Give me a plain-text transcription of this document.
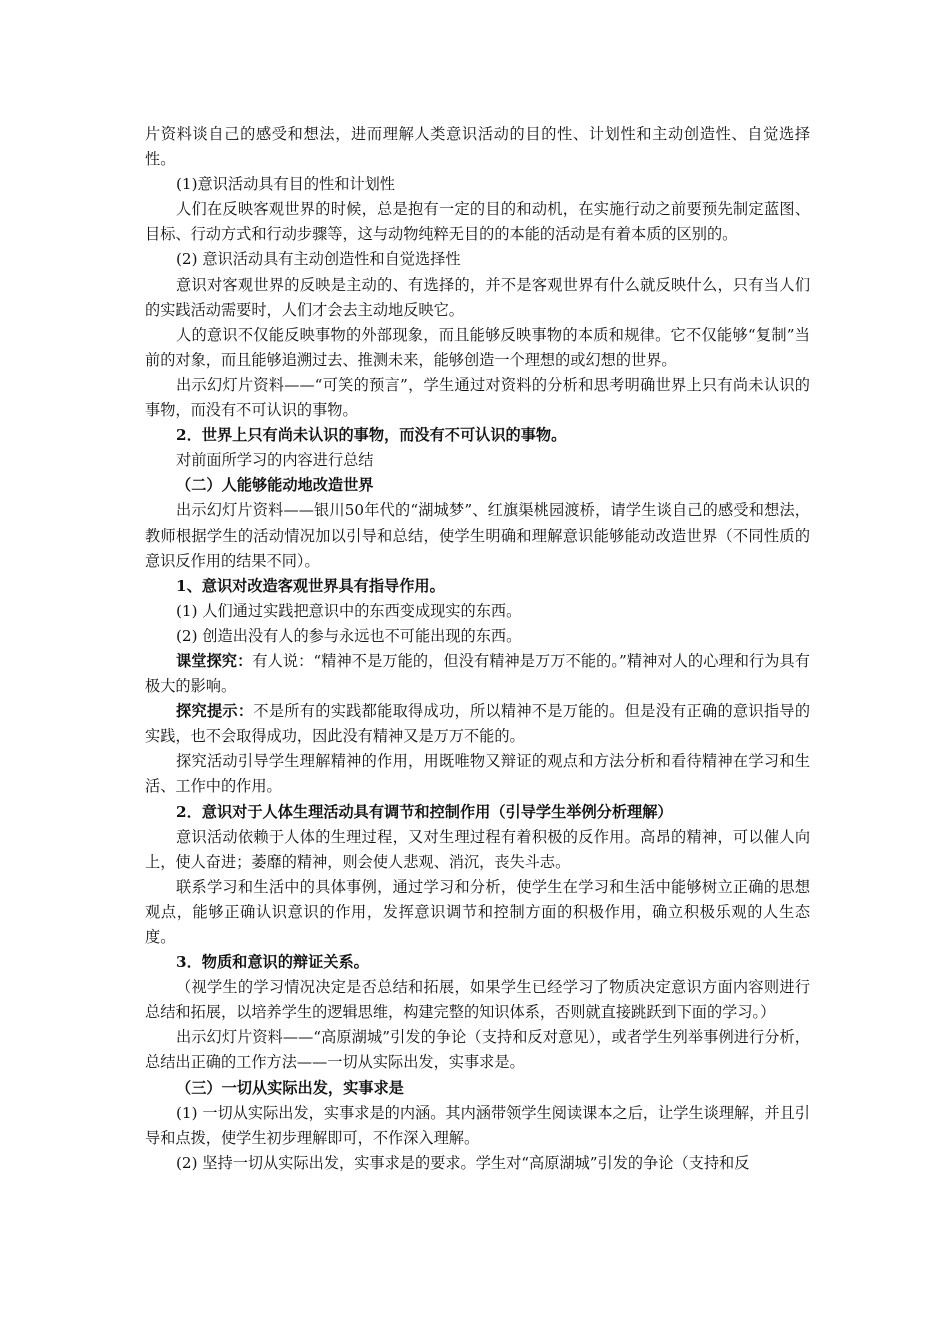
片资料谈自己的感受和想法，进而理解人类意识活动的目的性、计划性和主动创造性、自觉选择性。

(1)意识活动具有目的性和计划性

人们在反映客观世界的时候，总是抱有一定的目的和动机，在实施行动之前要预先制定蓝图、目标、行动方式和行动步骤等，这与动物纯粹无目的的本能的活动是有着本质的区别的。

(2) 意识活动具有主动创造性和自觉选择性

意识对客观世界的反映是主动的、有选择的，并不是客观世界有什么就反映什么，只有当人们的实践活动需要时，人们才会去主动地反映它。

人的意识不仅能反映事物的外部现象，而且能够反映事物的本质和规律。它不仅能够“复制”当前的对象，而且能够追溯过去、推测未来，能够创造一个理想的或幻想的世界。

出示幻灯片资料——“可笑的预言”，学生通过对资料的分析和思考明确世界上只有尚未认识的事物，而没有不可认识的事物。

2．世界上只有尚未认识的事物，而没有不可认识的事物。

对前面所学习的内容进行总结

（二）人能够能动地改造世界

出示幻灯片资料——银川50年代的“湖城梦”、红旗渠桃园渡桥，请学生谈自己的感受和想法，教师根据学生的活动情况加以引导和总结，使学生明确和理解意识能够能动改造世界（不同性质的意识反作用的结果不同）。

1、意识对改造客观世界具有指导作用。

(1) 人们通过实践把意识中的东西变成现实的东西。

(2) 创造出没有人的参与永远也不可能出现的东西。

课堂探究：有人说：“精神不是万能的，但没有精神是万万不能的。”精神对人的心理和行为具有极大的影响。

探究提示：不是所有的实践都能取得成功，所以精神不是万能的。但是没有正确的意识指导的实践，也不会取得成功，因此没有精神又是万万不能的。

探究活动引导学生理解精神的作用，用既唯物又辩证的观点和方法分析和看待精神在学习和生活、工作中的作用。

2．意识对于人体生理活动具有调节和控制作用（引导学生举例分析理解）

意识活动依赖于人体的生理过程，又对生理过程有着积极的反作用。高昂的精神，可以催人向上，使人奋进；萎靡的精神，则会使人悲观、消沉，丧失斗志。

联系学习和生活中的具体事例，通过学习和分析，使学生在学习和生活中能够树立正确的思想观点，能够正确认识意识的作用，发挥意识调节和控制方面的积极作用，确立积极乐观的人生态度。

3．物质和意识的辩证关系。

（视学生的学习情况决定是否总结和拓展，如果学生已经学习了物质决定意识方面内容则进行总结和拓展，以培养学生的逻辑思维，构建完整的知识体系，否则就直接跳跃到下面的学习。）

出示幻灯片资料——“高原湖城”引发的争论（支持和反对意见），或者学生列举事例进行分析，总结出正确的工作方法——一切从实际出发，实事求是。

（三）一切从实际出发，实事求是

(1) 一切从实际出发，实事求是的内涵。其内涵带领学生阅读课本之后，让学生谈理解，并且引导和点拨，使学生初步理解即可，不作深入理解。

(2) 坚持一切从实际出发，实事求是的要求。学生对“高原湖城”引发的争论（支持和反
